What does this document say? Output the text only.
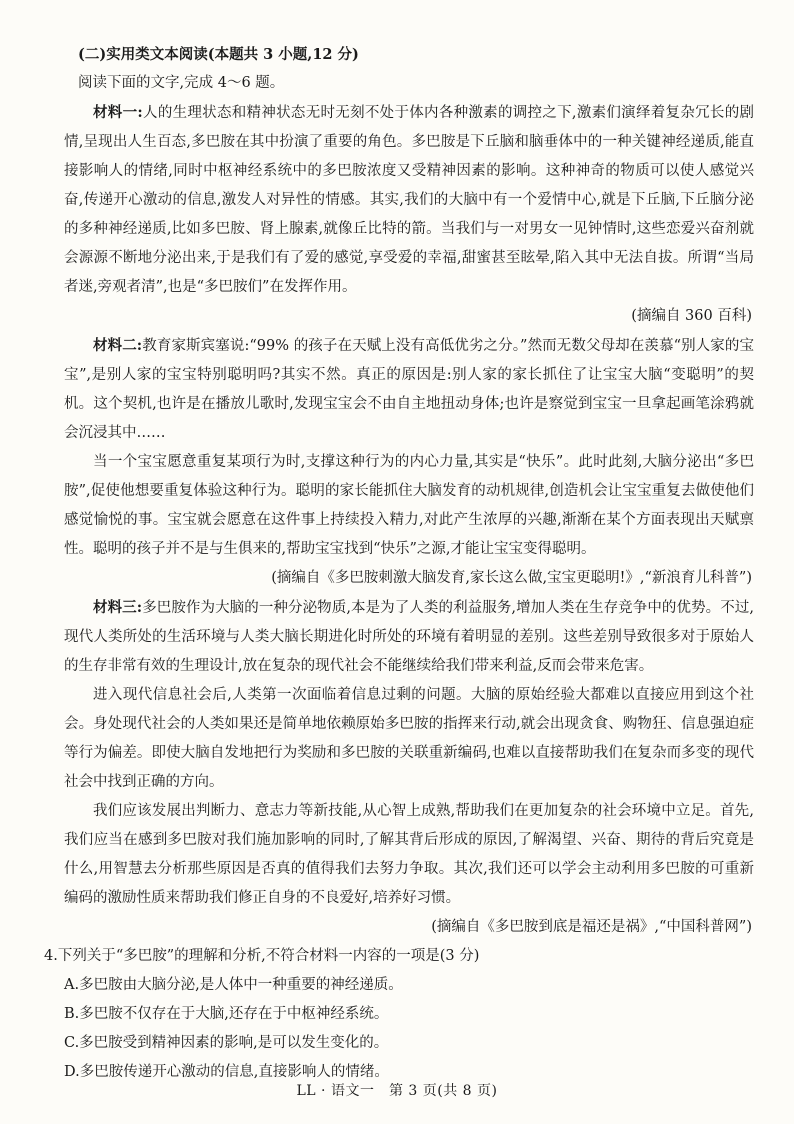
(二)实用类文本阅读(本题共 3 小题,12 分)

阅读下面的文字,完成 4～6 题。

材料一:人的生理状态和精神状态无时无刻不处于体内各种激素的调控之下,激素们演绎着复杂冗长的剧情,呈现出人生百态,多巴胺在其中扮演了重要的角色。多巴胺是下丘脑和脑垂体中的一种关键神经递质,能直接影响人的情绪,同时中枢神经系统中的多巴胺浓度又受精神因素的影响。这种神奇的物质可以使人感觉兴奋,传递开心激动的信息,激发人对异性的情感。其实,我们的大脑中有一个爱情中心,就是下丘脑,下丘脑分泌的多种神经递质,比如多巴胺、肾上腺素,就像丘比特的箭。当我们与一对男女一见钟情时,这些恋爱兴奋剂就会源源不断地分泌出来,于是我们有了爱的感觉,享受爱的幸福,甜蜜甚至眩晕,陷入其中无法自拔。所谓“当局者迷,旁观者清”,也是“多巴胺们”在发挥作用。

(摘编自 360 百科)

材料二:教育家斯宾塞说:“99% 的孩子在天赋上没有高低优劣之分。”然而无数父母却在羡慕“别人家的宝宝”,是别人家的宝宝特别聪明吗?其实不然。真正的原因是:别人家的家长抓住了让宝宝大脑“变聪明”的契机。这个契机,也许是在播放儿歌时,发现宝宝会不由自主地扭动身体;也许是察觉到宝宝一旦拿起画笔涂鸦就会沉浸其中……

当一个宝宝愿意重复某项行为时,支撑这种行为的内心力量,其实是“快乐”。此时此刻,大脑分泌出“多巴胺”,促使他想要重复体验这种行为。聪明的家长能抓住大脑发育的动机规律,创造机会让宝宝重复去做使他们感觉愉悦的事。宝宝就会愿意在这件事上持续投入精力,对此产生浓厚的兴趣,渐渐在某个方面表现出天赋禀性。聪明的孩子并不是与生俱来的,帮助宝宝找到“快乐”之源,才能让宝宝变得聪明。

(摘编自《多巴胺刺激大脑发育,家长这么做,宝宝更聪明!》,“新浪育儿科普”)

材料三:多巴胺作为大脑的一种分泌物质,本是为了人类的利益服务,增加人类在生存竞争中的优势。不过,现代人类所处的生活环境与人类大脑长期进化时所处的环境有着明显的差别。这些差别导致很多对于原始人的生存非常有效的生理设计,放在复杂的现代社会不能继续给我们带来利益,反而会带来危害。

进入现代信息社会后,人类第一次面临着信息过剩的问题。大脑的原始经验大都难以直接应用到这个社会。身处现代社会的人类如果还是简单地依赖原始多巴胺的指挥来行动,就会出现贪食、购物狂、信息强迫症等行为偏差。即使大脑自发地把行为奖励和多巴胺的关联重新编码,也难以直接帮助我们在复杂而多变的现代社会中找到正确的方向。

我们应该发展出判断力、意志力等新技能,从心智上成熟,帮助我们在更加复杂的社会环境中立足。首先,我们应当在感到多巴胺对我们施加影响的同时,了解其背后形成的原因,了解渴望、兴奋、期待的背后究竟是什么,用智慧去分析那些原因是否真的值得我们去努力争取。其次,我们还可以学会主动利用多巴胺的可重新编码的激励性质来帮助我们修正自身的不良爱好,培养好习惯。

(摘编自《多巴胺到底是福还是祸》,“中国科普网”)

4.下列关于“多巴胺”的理解和分析,不符合材料一内容的一项是(3 分)

A.多巴胺由大脑分泌,是人体中一种重要的神经递质。

B.多巴胺不仅存在于大脑,还存在于中枢神经系统。

C.多巴胺受到精神因素的影响,是可以发生变化的。

D.多巴胺传递开心激动的信息,直接影响人的情绪。

LL · 语文一　第 3 页(共 8 页)
